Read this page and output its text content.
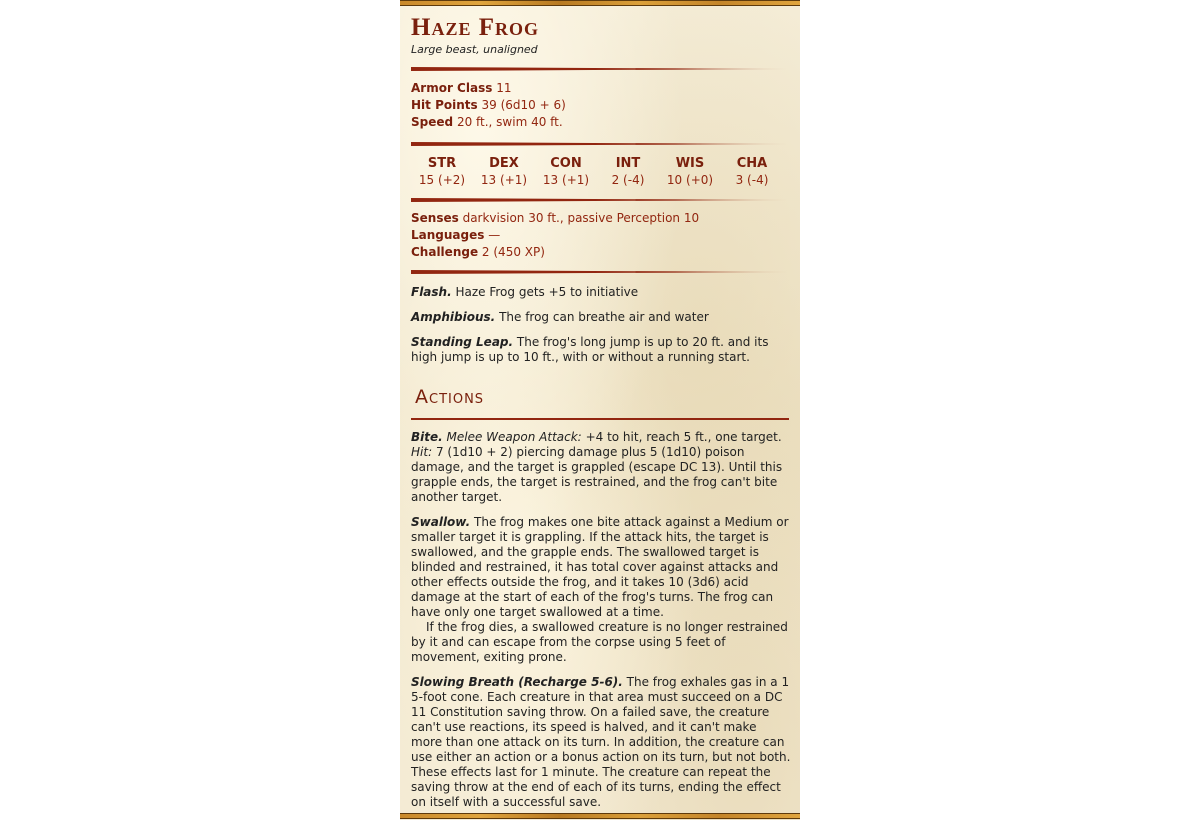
Haze Frog
Large beast, unaligned
Armor Class 11
Hit Points 39 (6d10 + 6)
Speed 20 ft., swim 40 ft.
STR
15 (+2)
DEX
13 (+1)
CON
13 (+1)
INT
2 (-4)
WIS
10 (+0)
CHA
3 (-4)
Senses darkvision 30 ft., passive Perception 10
Languages —
Challenge 2 (450 XP)
Flash. Haze Frog gets +5 to initiative
Amphibious. The frog can breathe air and water
Standing Leap. The frog's long jump is up to 20 ft. and its high jump is up to 10 ft., with or without a running start.
Actions
Bite. Melee Weapon Attack: +4 to hit, reach 5 ft., one target. Hit: 7 (1d10 + 2) piercing damage plus 5 (1d10) poison damage, and the target is grappled (escape DC 13). Until this grapple ends, the target is restrained, and the frog can't bite another target.
Swallow. The frog makes one bite attack against a Medium or smaller target it is grappling. If the attack hits, the target is swallowed, and the grapple ends. The swallowed target is blinded and restrained, it has total cover against attacks and other effects outside the frog, and it takes 10 (3d6) acid damage at the start of each of the frog's turns. The frog can have only one target swallowed at a time.
If the frog dies, a swallowed creature is no longer restrained by it and can escape from the corpse using 5 feet of movement, exiting prone.
Slowing Breath (Recharge 5-6). The frog exhales gas in a 1 5-foot cone. Each creature in that area must succeed on a DC 11 Constitution saving throw. On a failed save, the creature can't use reactions, its speed is halved, and it can't make more than one attack on its turn. In addition, the creature can use either an action or a bonus action on its turn, but not both. These effects last for 1 minute. The creature can repeat the saving throw at the end of each of its turns, ending the effect on itself with a successful save.
